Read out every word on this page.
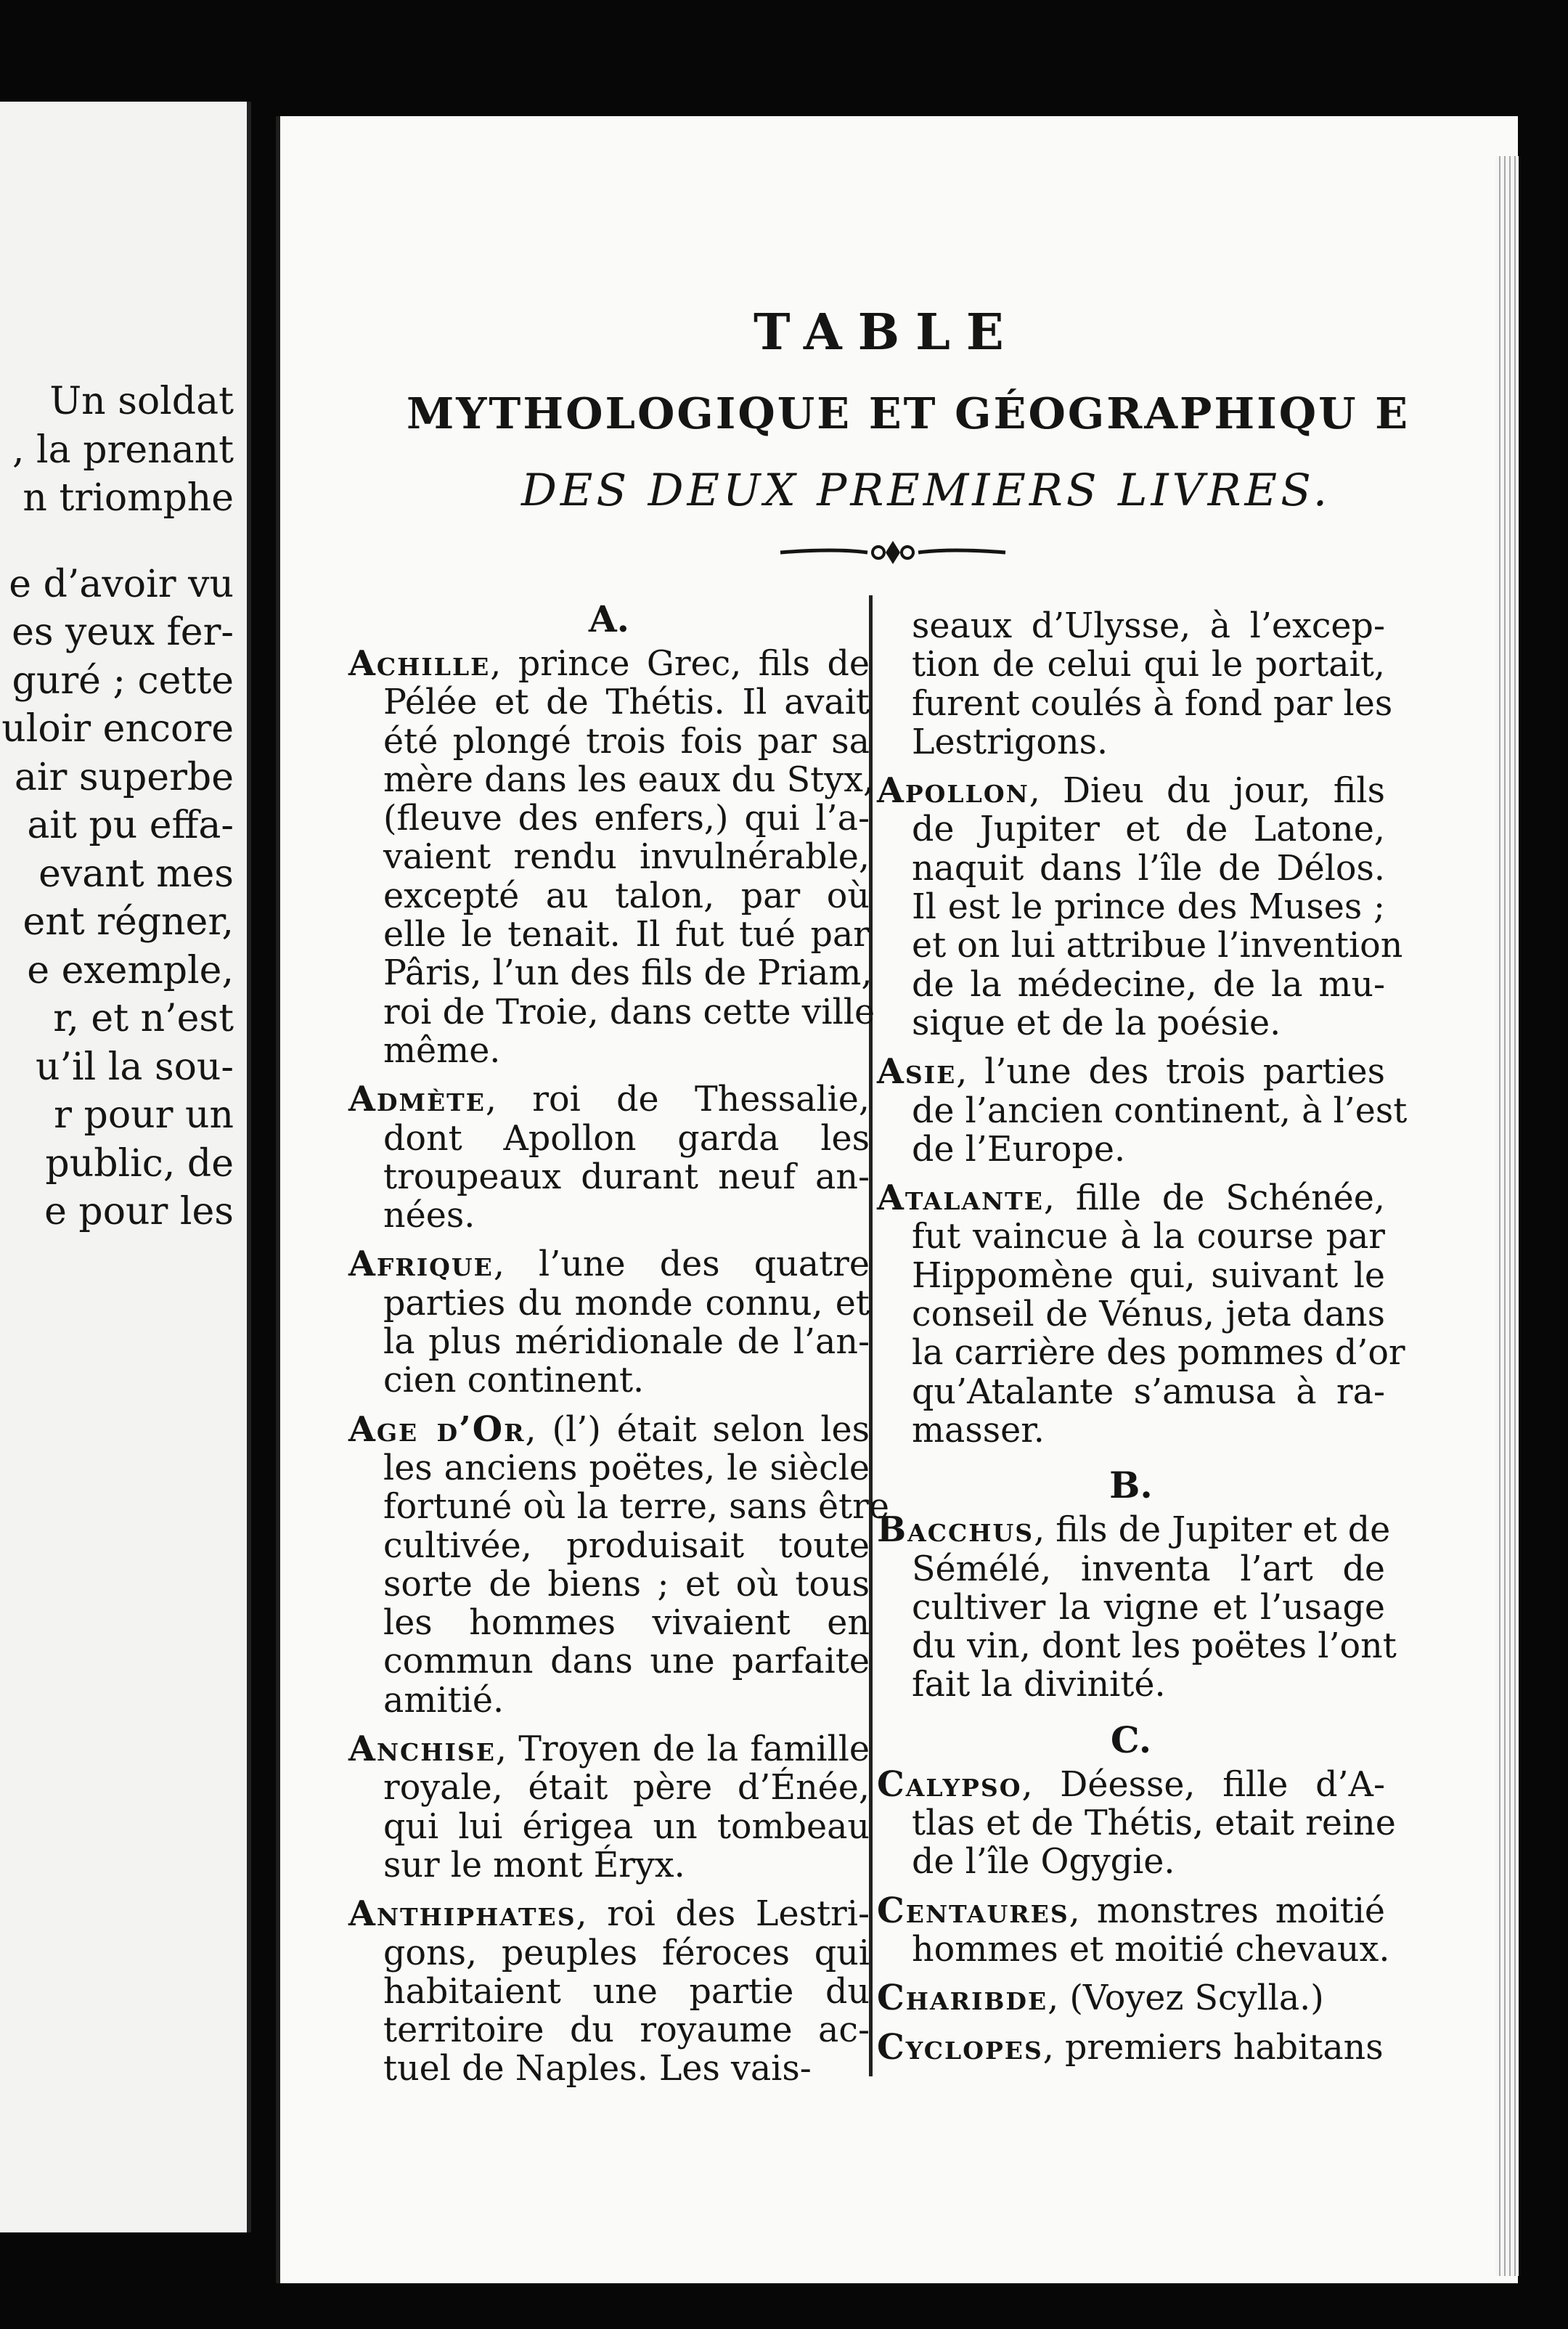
Un soldat
, la prenant
n triomphe
e d’avoir vu
es yeux fer-
guré ; cette
uloir encore
air superbe
ait pu effa-
evant mes
ent régner,
e exemple,
r, et n’est
u’il la sou-
r pour un
public, de
e pour les
TABLE
MYTHOLOGIQUE ET GÉOGRAPHIQU E
DES DEUX PREMIERS LIVRES.
A.
Achille, prince Grec, fils de
Pélée et de Thétis. Il avait
été plongé trois fois par sa
mère dans les eaux du Styx,
(fleuve des enfers,) qui l’a-
vaient rendu invulnérable,
excepté au talon, par où
elle le tenait. Il fut tué par
Pâris, l’un des fils de Priam,
roi de Troie, dans cette ville
même.
Admète, roi de Thessalie,
dont Apollon garda les
troupeaux durant neuf an-
nées.
Afrique, l’une des quatre
parties du monde connu, et
la plus méridionale de l’an-
cien continent.
Age d’Or, (l’) était selon les
les anciens poëtes, le siècle
fortuné où la terre, sans être
cultivée, produisait toute
sorte de biens ; et où tous
les hommes vivaient en
commun dans une parfaite
amitié.
Anchise, Troyen de la famille
royale, était père d’Énée,
qui lui érigea un tombeau
sur le mont Éryx.
Anthiphates, roi des Lestri-
gons, peuples féroces qui
habitaient une partie du
territoire du royaume ac-
tuel de Naples. Les vais-
seaux d’Ulysse, à l’excep-
tion de celui qui le portait,
furent coulés à fond par les
Lestrigons.
Apollon, Dieu du jour, fils
de Jupiter et de Latone,
naquit dans l’île de Délos.
Il est le prince des Muses ;
et on lui attribue l’invention
de la médecine, de la mu-
sique et de la poésie.
Asie, l’une des trois parties
de l’ancien continent, à l’est
de l’Europe.
Atalante, fille de Schénée,
fut vaincue à la course par
Hippomène qui, suivant le
conseil de Vénus, jeta dans
la carrière des pommes d’or
qu’Atalante s’amusa à ra-
masser.
B.
Bacchus, fils de Jupiter et de
Sémélé, inventa l’art de
cultiver la vigne et l’usage
du vin, dont les poëtes l’ont
fait la divinité.
C.
Calypso, Déesse, fille d’A-
tlas et de Thétis, etait reine
de l’île Ogygie.
Centaures, monstres moitié
hommes et moitié chevaux.
Charibde, (Voyez Scylla.)
Cyclopes, premiers habitans
